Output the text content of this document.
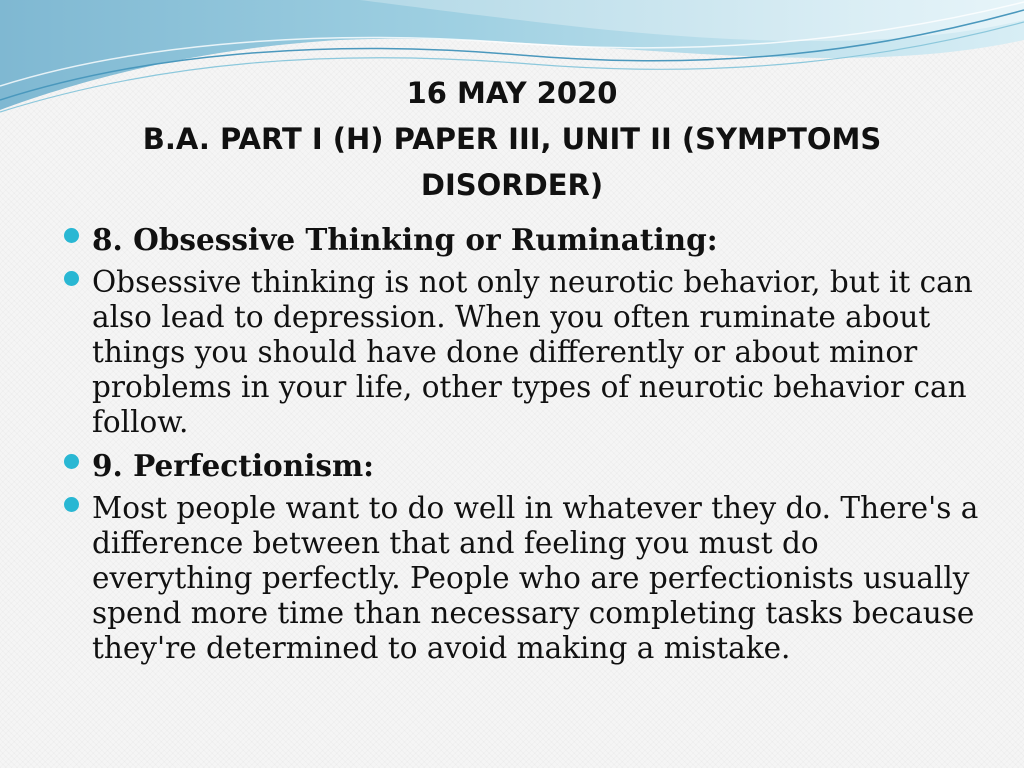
16 MAY 2020
B.A. PART I (H) PAPER III, UNIT II (SYMPTOMS
DISORDER)
8. Obsessive Thinking or Ruminating:
Obsessive thinking is not only neurotic behavior, but it can also lead to depression. When you often ruminate about things you should have done differently or about minor problems in your life, other types of neurotic behavior can follow.
9. Perfectionism:
Most people want to do well in whatever they do. There's a difference between that and feeling you must do everything perfectly. People who are perfectionists usually spend more time than necessary completing tasks because they're determined to avoid making a mistake.
